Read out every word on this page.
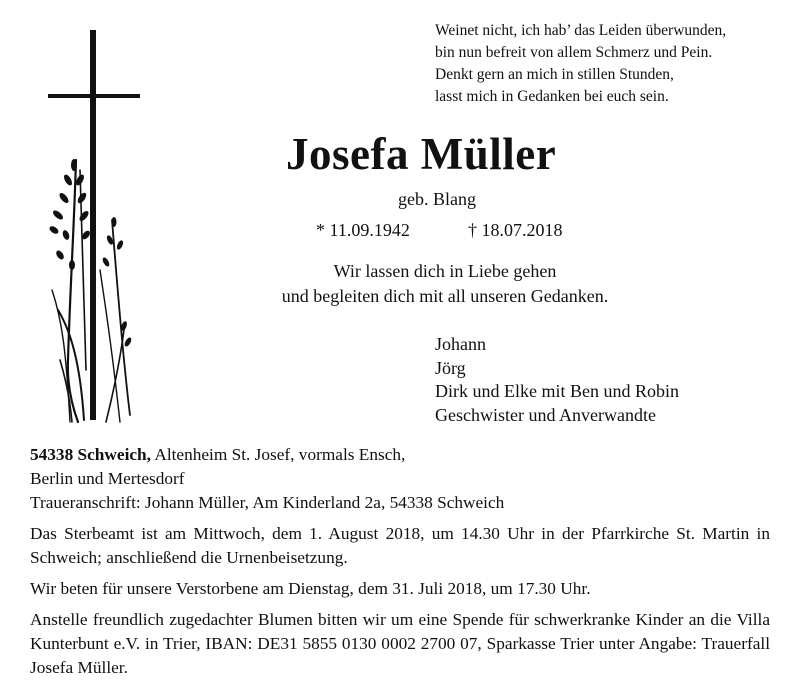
Weinet nicht, ich hab’ das Leiden überwunden,
bin nun befreit von allem Schmerz und Pein.
Denkt gern an mich in stillen Stunden,
lasst mich in Gedanken bei euch sein.
Josefa Müller
geb. Blang
* 11.09.1942	† 18.07.2018
Wir lassen dich in Liebe gehen
und begleiten dich mit all unseren Gedanken.
Johann
Jörg
Dirk und Elke mit Ben und Robin
Geschwister und Anverwandte

54338 Schweich, Altenheim St. Josef, vormals Ensch,

Berlin und Mertesdorf

Traueranschrift: Johann Müller, Am Kinderland 2a, 54338 Schweich

Das Sterbeamt ist am Mittwoch, dem 1. August 2018, um 14.30 Uhr in der Pfarrkirche St. Martin in Schweich; anschließend die Urnenbeisetzung.

Wir beten für unsere Verstorbene am Dienstag, dem 31. Juli 2018, um 17.30 Uhr.

Anstelle freundlich zugedachter Blumen bitten wir um eine Spende für schwerkranke Kinder an die Villa Kunterbunt e.V. in Trier, IBAN: DE31 5855 0130 0002 2700 07, Sparkasse Trier unter Angabe: Trauerfall Josefa Müller.
